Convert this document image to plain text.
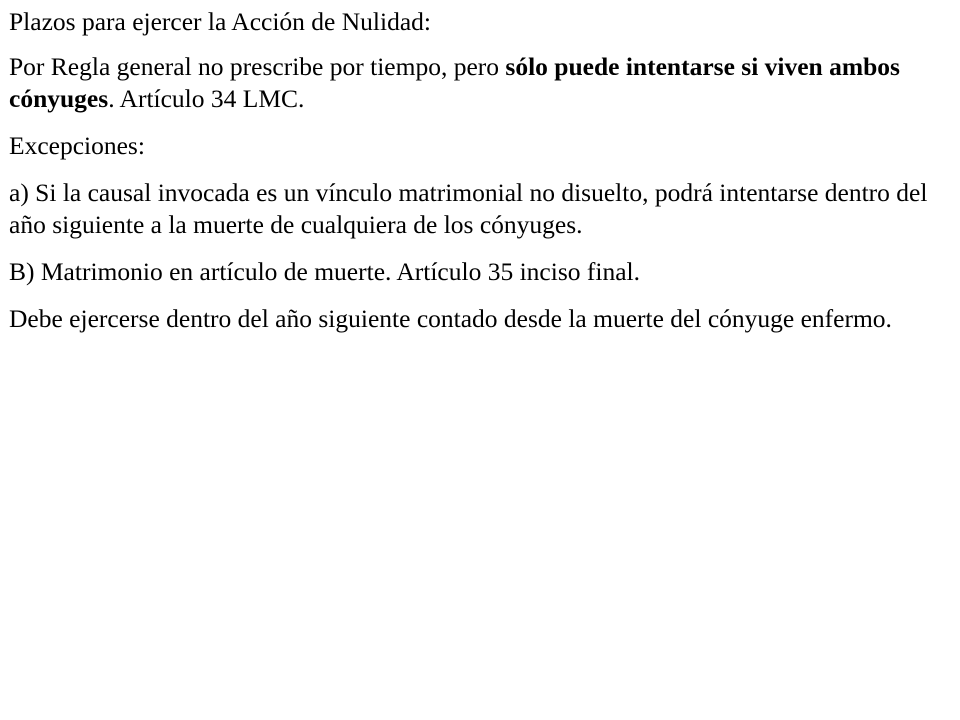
Plazos para ejercer la Acción de Nulidad:

Por Regla general no prescribe por tiempo, pero sólo puede intentarse si viven ambos cónyuges. Artículo 34 LMC.

Excepciones:

a) Si la causal invocada es un vínculo matrimonial no disuelto, podrá intentarse dentro del año siguiente a la muerte de cualquiera de los cónyuges.

B) Matrimonio en artículo de muerte. Artículo 35 inciso final.

Debe ejercerse dentro del año siguiente contado desde la muerte del cónyuge enfermo.
